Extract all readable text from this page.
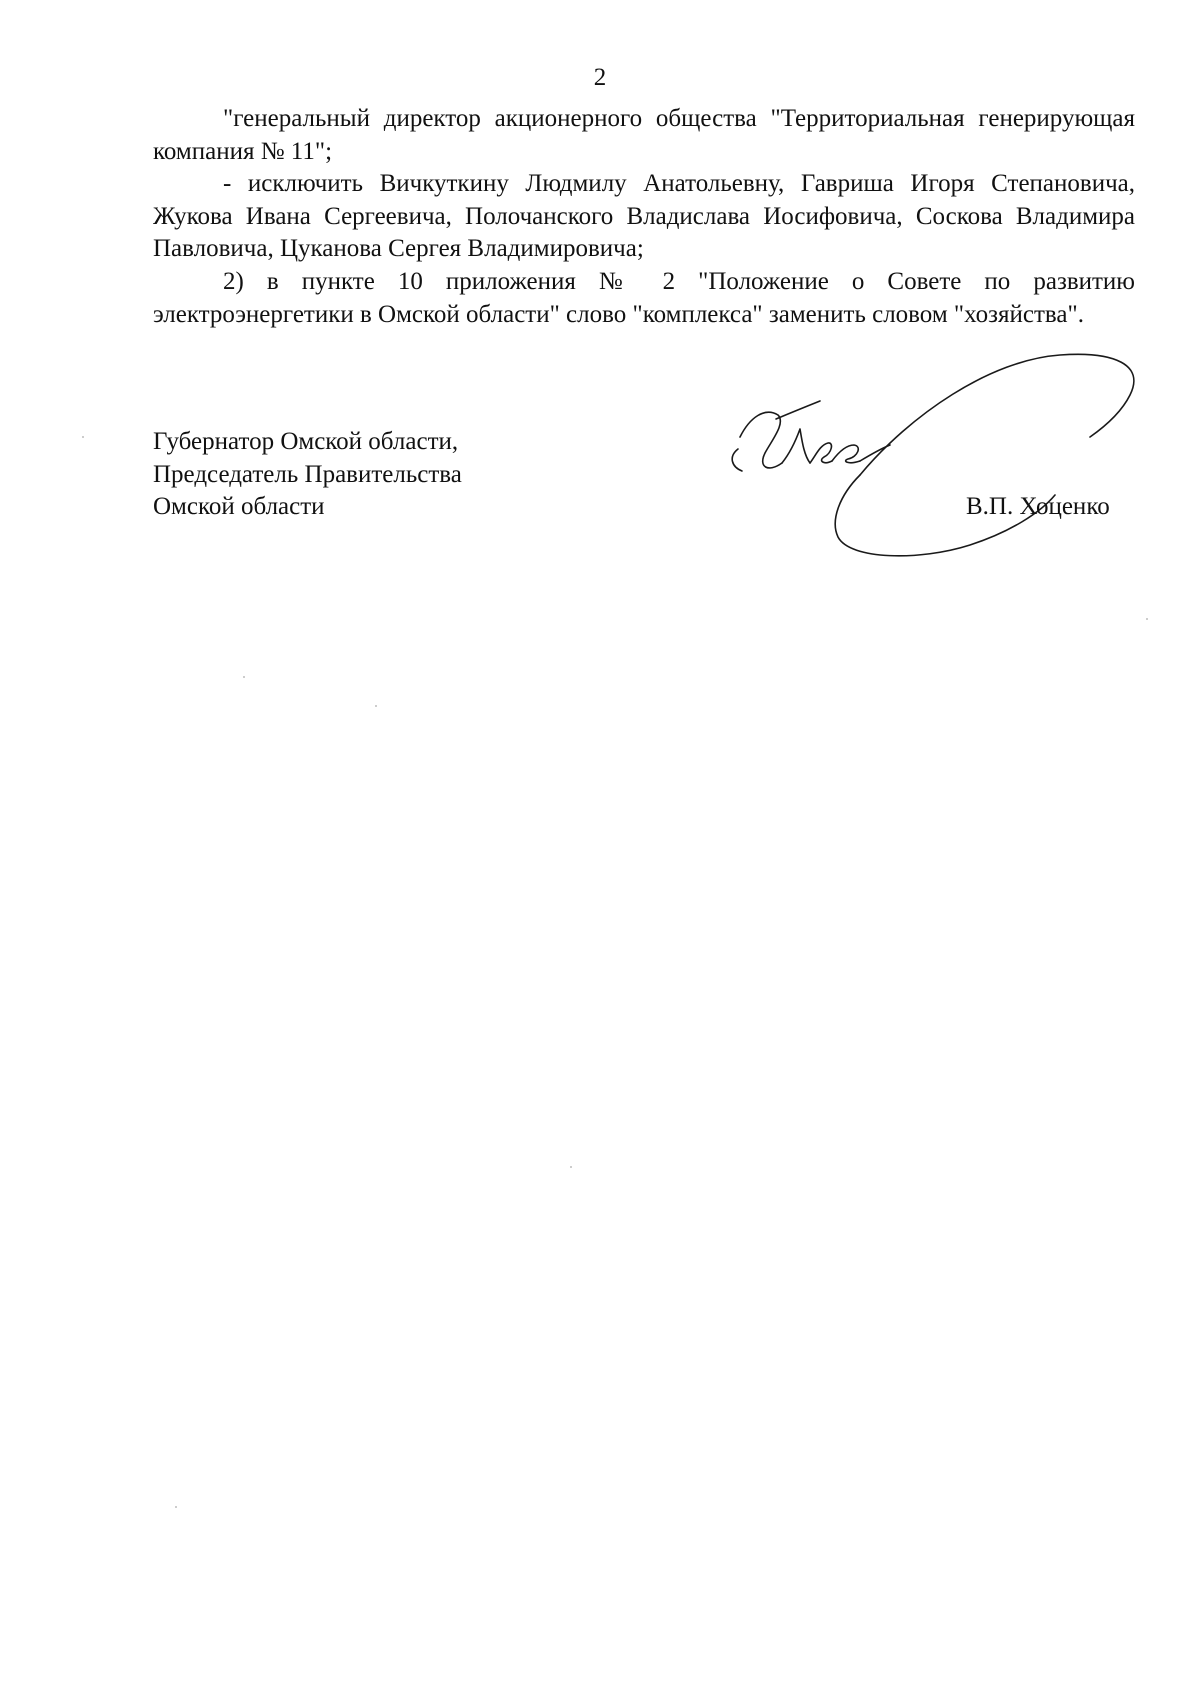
2

"генеральный директор акционерного общества "Территориальная генерирующая компания № 11";

- исключить Вичкуткину Людмилу Анатольевну, Гавриша Игоря Степановича, Жукова Ивана Сергеевича, Полочанского Владислава Иосифовича, Соскова Владимира Павловича, Цуканова Сергея Владимировича;

2) в пункте 10 приложения № 2 "Положение о Совете по развитию электроэнергетики в Омской области" слово "комплекса" заменить словом "хозяйства".

Губернатор Омской области,
Председатель Правительства
Омской области	В.П. Хоценко
